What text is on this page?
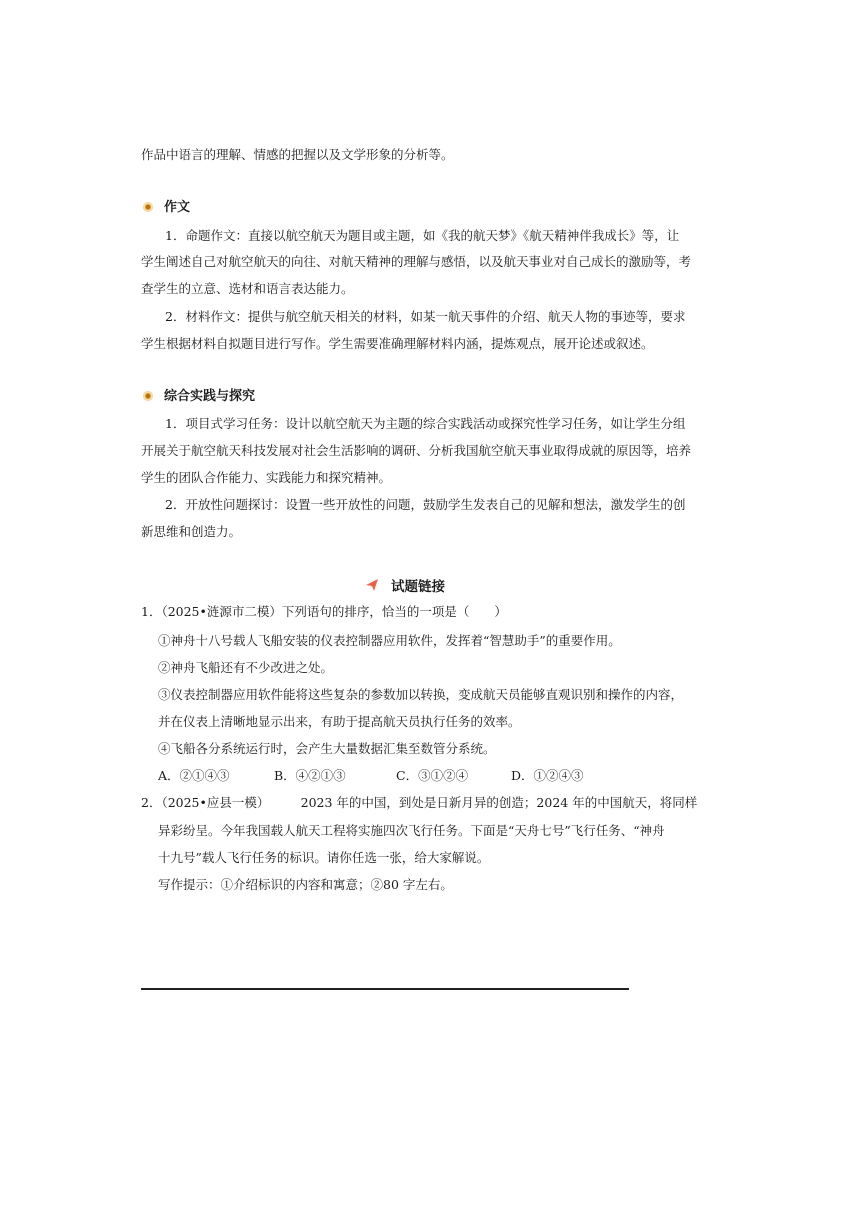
作品中语言的理解、情感的把握以及文学形象的分析等。
作文
1．命题作文：直接以航空航天为题目或主题，如《我的航天梦》《航天精神伴我成长》等，让
学生阐述自己对航空航天的向往、对航天精神的理解与感悟，以及航天事业对自己成长的激励等，考
查学生的立意、选材和语言表达能力。
2．材料作文：提供与航空航天相关的材料，如某一航天事件的介绍、航天人物的事迹等，要求
学生根据材料自拟题目进行写作。学生需要准确理解材料内涵，提炼观点，展开论述或叙述。
综合实践与探究
1．项目式学习任务：设计以航空航天为主题的综合实践活动或探究性学习任务，如让学生分组
开展关于航空航天科技发展对社会生活影响的调研、分析我国航空航天事业取得成就的原因等，培养
学生的团队合作能力、实践能力和探究精神。
2．开放性问题探讨：设置一些开放性的问题，鼓励学生发表自己的见解和想法，激发学生的创
新思维和创造力。
试题链接
1．（2025•涟源市二模）下列语句的排序，恰当的一项是（　　）
①神舟十八号载人飞船安装的仪表控制器应用软件，发挥着“智慧助手”的重要作用。
②神舟飞船还有不少改进之处。
③仪表控制器应用软件能将这些复杂的参数加以转换，变成航天员能够直观识别和操作的内容，
并在仪表上清晰地显示出来，有助于提高航天员执行任务的效率。
④飞船各分系统运行时，会产生大量数据汇集至数管分系统。
A．②①④③	B．④②①③	C．③①②④	D．①②④③
2．（2025•应县一模）　　　2023 年的中国，到处是日新月异的创造；2024 年的中国航天，将同样
异彩纷呈。今年我国载人航天工程将实施四次飞行任务。下面是“天舟七号”飞行任务、“神舟
十九号”载人飞行任务的标识。请你任选一张，给大家解说。
写作提示：①介绍标识的内容和寓意；②80 字左右。
